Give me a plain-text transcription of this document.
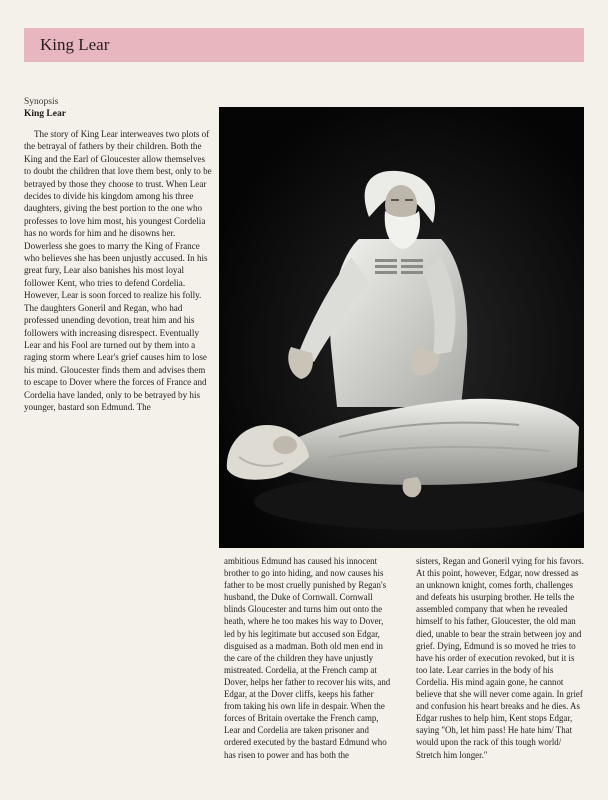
King Lear
Synopsis
King Lear

The story of King Lear interweaves two plots of the betrayal of fathers by their children. Both the King and the Earl of Gloucester allow themselves to doubt the children that love them best, only to be betrayed by those they choose to trust. When Lear decides to divide his kingdom among his three daughters, giving the best portion to the one who professes to love him most, his youngest Cordelia has no words for him and he disowns her. Dowerless she goes to marry the King of France who believes she has been unjustly accused. In his great fury, Lear also banishes his most loyal follower Kent, who tries to defend Cordelia. However, Lear is soon forced to realize his folly. The daughters Goneril and Regan, who had professed unending devotion, treat him and his followers with increasing disrespect. Eventually Lear and his Fool are turned out by them into a raging storm where Lear's grief causes him to lose his mind. Gloucester finds them and advises them to escape to Dover where the forces of France and Cordelia have landed, only to be betrayed by his younger, bastard son Edmund. The

ambitious Edmund has caused his innocent brother to go into hiding, and now causes his father to be most cruelly punished by Regan's husband, the Duke of Cornwall. Cornwall blinds Gloucester and turns him out onto the heath, where he too makes his way to Dover, led by his legitimate but accused son Edgar, disguised as a madman. Both old men end in the care of the children they have unjustly mistreated. Cordelia, at the French camp at Dover, helps her father to recover his wits, and Edgar, at the Dover cliffs, keeps his father from taking his own life in despair. When the forces of Britain overtake the French camp, Lear and Cordelia are taken prisoner and ordered executed by the bastard Edmund who has risen to power and has both the

sisters, Regan and Goneril vying for his favors. At this point, however, Edgar, now dressed as an unknown knight, comes forth, challenges and defeats his usurping brother. He tells the assembled company that when he revealed himself to his father, Gloucester, the old man died, unable to bear the strain between joy and grief. Dying, Edmund is so moved he tries to have his order of execution revoked, but it is too late. Lear carries in the body of his Cordelia. His mind again gone, he cannot believe that she will never come again. In grief and confusion his heart breaks and he dies. As Edgar rushes to help him, Kent stops Edgar, saying "Oh, let him pass! He hate him/ That would upon the rack of this tough world/ Stretch him longer."
